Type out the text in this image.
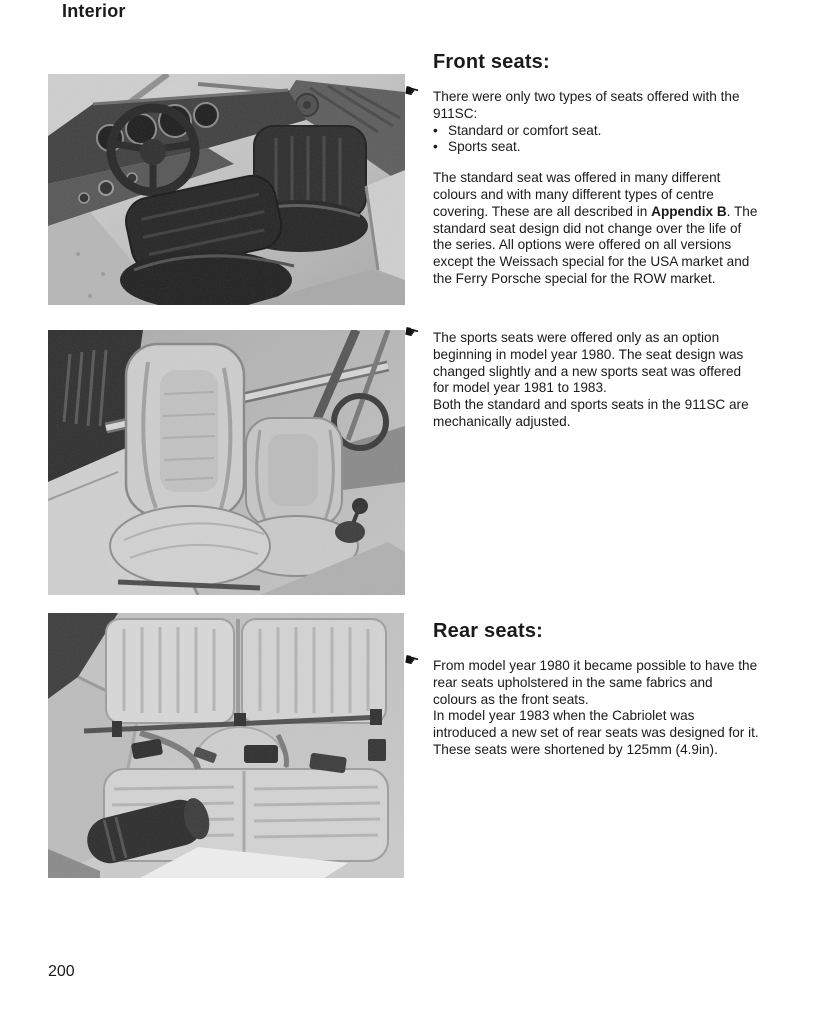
Interior
Front seats:
☛ There were only two types of seats offered with the 911SC:

• Standard or comfort seat.
• Sports seat.

The standard seat was offered in many different colours and with many different types of centre covering. These are all described in Appendix B. The standard seat design did not change over the life of the series. All options were offered on all versions except the Weissach special for the USA market and the Ferry Porsche special for the ROW market.

☛ The sports seats were offered only as an option beginning in model year 1980. The seat design was changed slightly and a new sports seat was offered for model year 1981 to 1983.

Both the standard and sports seats in the 911SC are mechanically adjusted.

Rear seats:
☛ From model year 1980 it became possible to have the rear seats upholstered in the same fabrics and colours as the front seats.

In model year 1983 when the Cabriolet was introduced a new set of rear seats was designed for it. These seats were shortened by 125mm (4.9in).

200
